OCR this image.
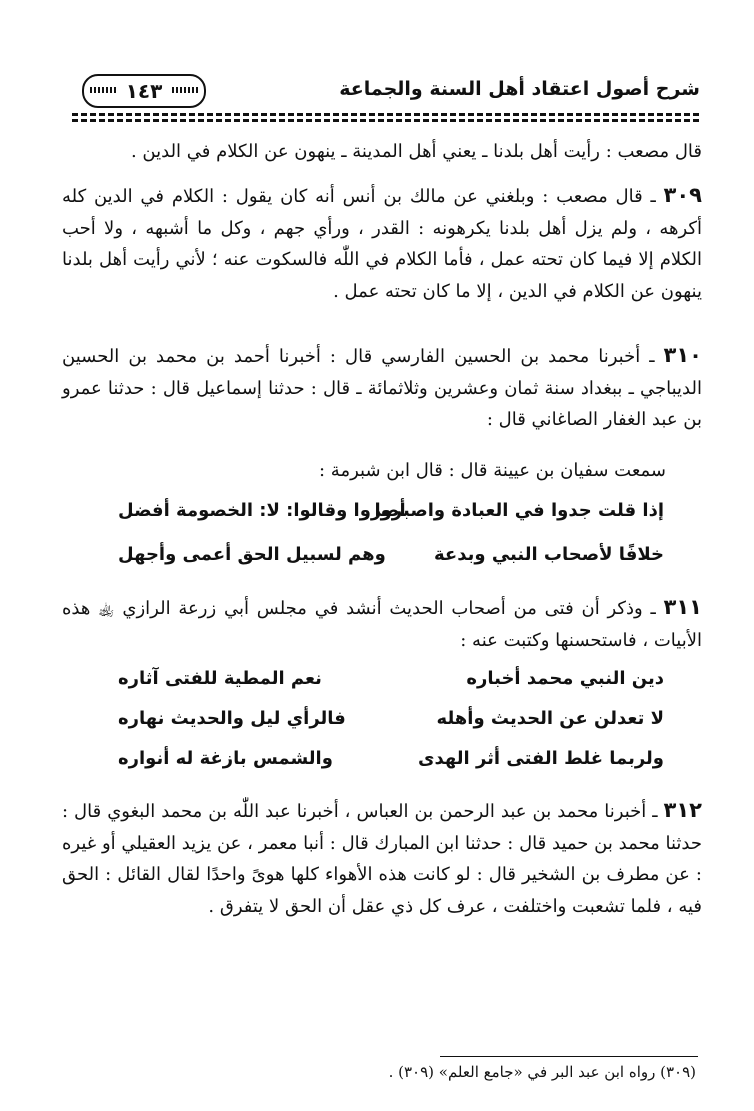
شرح أصول اعتقاد أهل السنة والجماعة
١٤٣
قال مصعب : رأيت أهل بلدنا ـ يعني أهل المدينة ـ ينهون عن الكلام في الدين .
٣٠٩ ـ قال مصعب : وبلغني عن مالك بن أنس أنه كان يقول : الكلام في الدين كله أكرهه ، ولم يزل أهل بلدنا يكرهونه : القدر ، ورأي جهم ، وكل ما أشبهه ، ولا أحب الكلام إلا فيما كان تحته عمل ، فأما الكلام في اللّٰه فالسكوت عنه ؛ لأني رأيت أهل بلدنا ينهون عن الكلام في الدين ، إلا ما كان تحته عمل .
٣١٠ ـ أخبرنا محمد بن الحسين الفارسي قال : أخبرنا أحمد بن محمد بن الحسين الديباجي ـ ببغداد سنة ثمان وعشرين وثلاثمائة ـ قال : حدثنا إسماعيل قال : حدثنا عمرو بن عبد الغفار الصاغاني قال :
سمعت سفيان بن عيينة قال : قال ابن شبرمة :
إذا قلت جدوا في العبادة واصبروا
أصروا وقالوا: لا: الخصومة أفضل
خلافًا لأصحاب النبي وبدعة
وهم لسبيل الحق أعمى وأجهل
٣١١ ـ وذكر أن فتى من أصحاب الحديث أنشد في مجلس أبي زرعة الرازي ﵀ هذه الأبيات ، فاستحسنها وكتبت عنه :
دين النبي محمد أخباره
نعم المطية للفتى آثاره
لا تعدلن عن الحديث وأهله
فالرأي ليل والحديث نهاره
ولربما غلط الفتى أثر الهدى
والشمس بازغة له أنواره
٣١٢ ـ أخبرنا محمد بن عبد الرحمن بن العباس ، أخبرنا عبد اللّٰه بن محمد البغوي قال : حدثنا محمد بن حميد قال : حدثنا ابن المبارك قال : أنبا معمر ، عن يزيد العقيلي أو غيره : عن مطرف بن الشخير قال : لو كانت هذه الأهواء كلها هوىً واحدًا لقال القائل : الحق فيه ، فلما تشعبت واختلفت ، عرف كل ذي عقل أن الحق لا يتفرق .
(٣٠٩) رواه ابن عبد البر في «جامع العلم» (٣٠٩) .
